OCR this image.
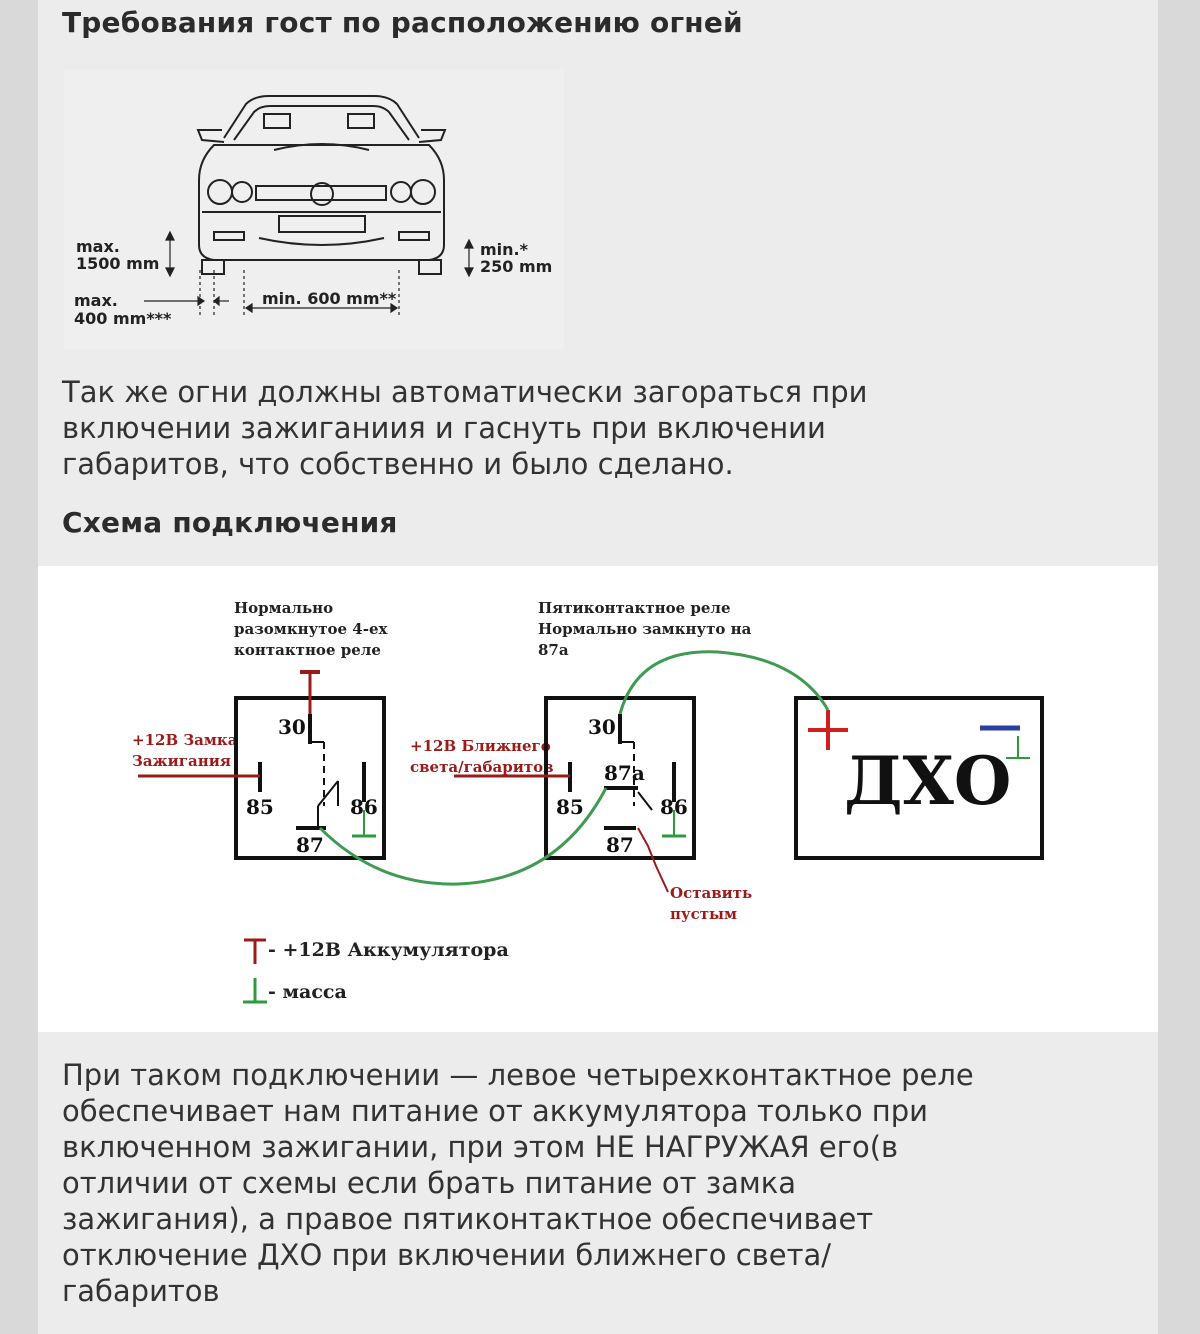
Требования гост по расположению огней
max.
1500 mm
min.*
250 mm
max.
400 mm***
min. 600 mm**

Так же огни должны автоматически загораться при
включении зажиганиия и гаснуть при включении
габаритов, что собственно и было сделано.

Схема подключения
Нормально
разомкнутое 4-ех
контактное реле
Пятиконтактное реле
Нормально замкнуто на
87а
+12В Замка
Зажигания
+12В Ближнего
света/габаритов
Оставить
пустым
ДХО
30
85	86
87
30
87a
85	86
87
- +12В Аккумулятора
- масса

При таком подключении — левое четырехконтактное реле
обеспечивает нам питание от аккумулятора только при
включенном зажигании, при этом НЕ НАГРУЖАЯ его(в
отличии от схемы если брать питание от замка
зажигания), а правое пятиконтактное обеспечивает
отключение ДХО при включении ближнего света/
габаритов
